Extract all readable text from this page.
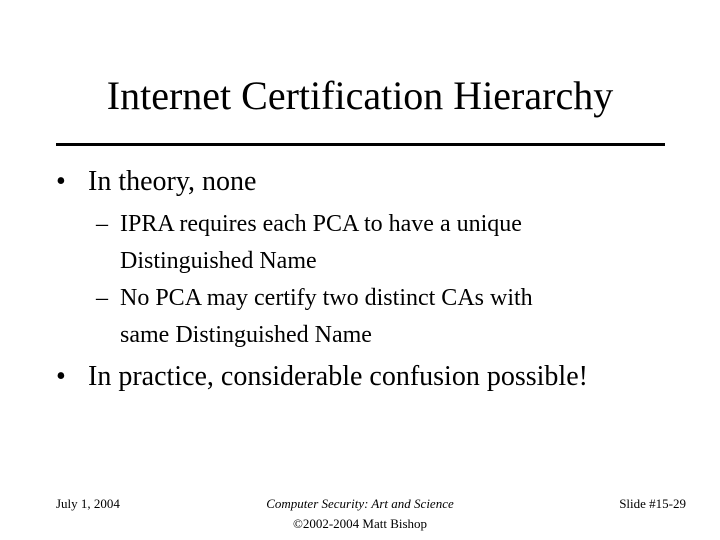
Internet Certification Hierarchy
• In theory, none
– IPRA requires each PCA to have a unique
Distinguished Name
– No PCA may certify two distinct CAs with
same Distinguished Name
• In practice, considerable confusion possible!
July 1, 2004	Computer Security: Art and Science
©2002-2004 Matt Bishop
Slide #15-29
